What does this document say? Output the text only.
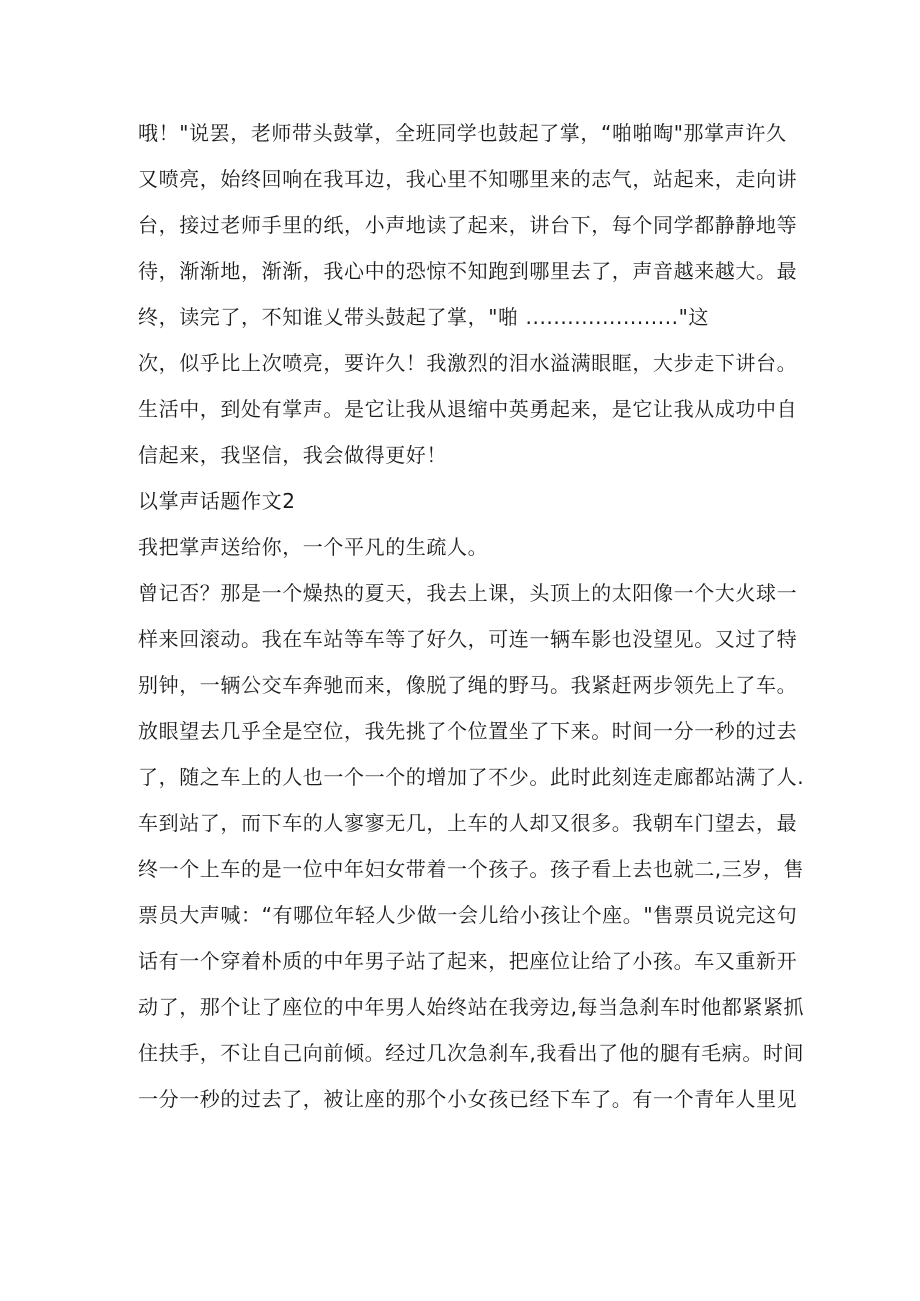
哦！"说罢，老师带头鼓掌，全班同学也鼓起了掌，“啪啪啕"那掌声许久
又喷亮，始终回响在我耳边，我心里不知哪里来的志气，站起来，走向讲
台，接过老师手里的纸，小声地读了起来，讲台下，每个同学都静静地等
待，渐渐地，渐渐，我心中的恐惊不知跑到哪里去了，声音越来越大。最
终，读完了，不知谁乂带头鼓起了掌，"啪 ......................"这
次，似乎比上次喷亮，要许久！我激烈的泪水溢满眼眶，大步走下讲台。
生活中，到处有掌声。是它让我从退缩中英勇起来，是它让我从成功中自
信起来，我坚信，我会做得更好！
以掌声话题作文2
我把掌声送给你，一个平凡的生疏人。
曾记否？那是一个燥热的夏天，我去上课，头顶上的太阳像一个大火球一
样来回滚动。我在车站等车等了好久，可连一辆车影也没望见。又过了特
别钟，一辆公交车奔驰而来，像脱了绳的野马。我紧赶两步领先上了车。
放眼望去几乎全是空位，我先挑了个位置坐了下来。时间一分一秒的过去
了，随之车上的人也一个一个的增加了不少。此时此刻连走廊都站满了人.
车到站了，而下车的人寥寥无几，上车的人却又很多。我朝车门望去，最
终一个上车的是一位中年妇女带着一个孩子。孩子看上去也就二,三岁，售
票员大声喊：“有哪位年轻人少做一会儿给小孩让个座。"售票员说完这句
话有一个穿着朴质的中年男子站了起来，把座位让给了小孩。车又重新开
动了，那个让了座位的中年男人始终站在我旁边,每当急刹车时他都紧紧抓
住扶手，不让自己向前倾。经过几次急刹车,我看出了他的腿有毛病。时间
一分一秒的过去了，被让座的那个小女孩已经下车了。有一个青年人里见
